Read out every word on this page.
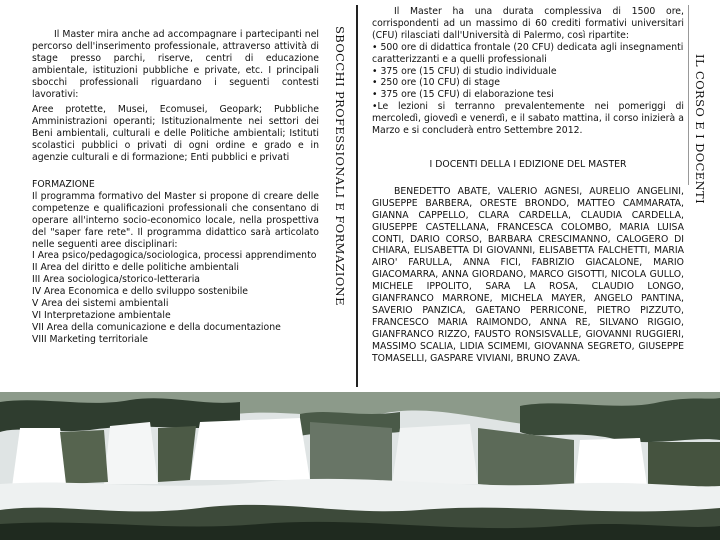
Il Master mira anche ad accompagnare i partecipanti nel percorso dell'inserimento professionale, attraverso attività di stage presso parchi, riserve, centri di educazione ambientale, istituzioni pubbliche e private, etc. I principali sbocchi professionali riguardano i seguenti contesti lavorativi:

Aree protette, Musei, Ecomusei, Geopark; Pubbliche Amministrazioni operanti; Istituzionalmente nei settori dei Beni ambientali, culturali e delle Politiche ambientali; Istituti scolastici pubblici o privati di ogni ordine e grado e in agenzie culturali e di formazione; Enti pubblici e privati

FORMAZIONE

Il programma formativo del Master si propone di creare delle competenze e qualificazioni professionali che consentano di operare all'interno socio-economico locale, nella prospettiva del "saper fare rete". Il programma didattico sarà articolato nelle seguenti aree disciplinari:

I Area psico/pedagogica/sociologica, processi apprendimento

II Area del diritto e delle politiche ambientali

III Area sociologica/storico-letteraria

IV Area Economica e dello sviluppo sostenibile

V Area dei sistemi ambientali

VI Interpretazione ambientale

VII Area della comunicazione e della documentazione

VIII Marketing territoriale

SBOCCHI PROFESSIONALI E FORMAZIONE

Il Master ha una durata complessiva di 1500 ore, corrispondenti ad un massimo di 60 crediti formativi universitari (CFU) rilasciati dall'Università di Palermo, così ripartite:

• 500 ore di didattica frontale (20 CFU) dedicata agli insegnamenti caratterizzanti e a quelli professionali

• 375 ore (15 CFU) di studio individuale

• 250 ore (10 CFU) di stage

• 375 ore (15 CFU) di elaborazione tesi

•Le lezioni si terranno prevalentemente nei pomeriggi di mercoledì, giovedì e venerdì, e il sabato mattina, il corso inizierà a Marzo e si concluderà entro Settembre 2012.

I DOCENTI DELLA I EDIZIONE DEL MASTER

BENEDETTO ABATE, VALERIO AGNESI, AURELIO ANGELINI, GIUSEPPE BARBERA, ORESTE BRONDO, MATTEO CAMMARATA, GIANNA CAPPELLO, CLARA CARDELLA, CLAUDIA CARDELLA, GIUSEPPE CASTELLANA, FRANCESCA COLOMBO, MARIA LUISA CONTI, DARIO CORSO, BARBARA CRESCIMANNO, CALOGERO DI CHIARA, ELISABETTA DI GIOVANNI, ELISABETTA FALCHETTI, MARIA AIRO' FARULLA, ANNA FICI, FABRIZIO GIACALONE, MARIO GIACOMARRA, ANNA GIORDANO, MARCO GISOTTI, NICOLA GULLO, MICHELE IPPOLITO, SARA LA ROSA, CLAUDIO LONGO, GIANFRANCO MARRONE, MICHELA MAYER, ANGELO PANTINA, SAVERIO PANZICA, GAETANO PERRICONE, PIETRO PIZZUTO, FRANCESCO MARIA RAIMONDO, ANNA RE, SILVANO RIGGIO, GIANFRANCO RIZZO, FAUSTO RONSISVALLE, GIOVANNI RUGGIERI, MASSIMO SCALIA, LIDIA SCIMEMI, GIOVANNA SEGRETO, GIUSEPPE TOMASELLI, GASPARE VIVIANI, BRUNO ZAVA.

IL CORSO E I DOCENTI
